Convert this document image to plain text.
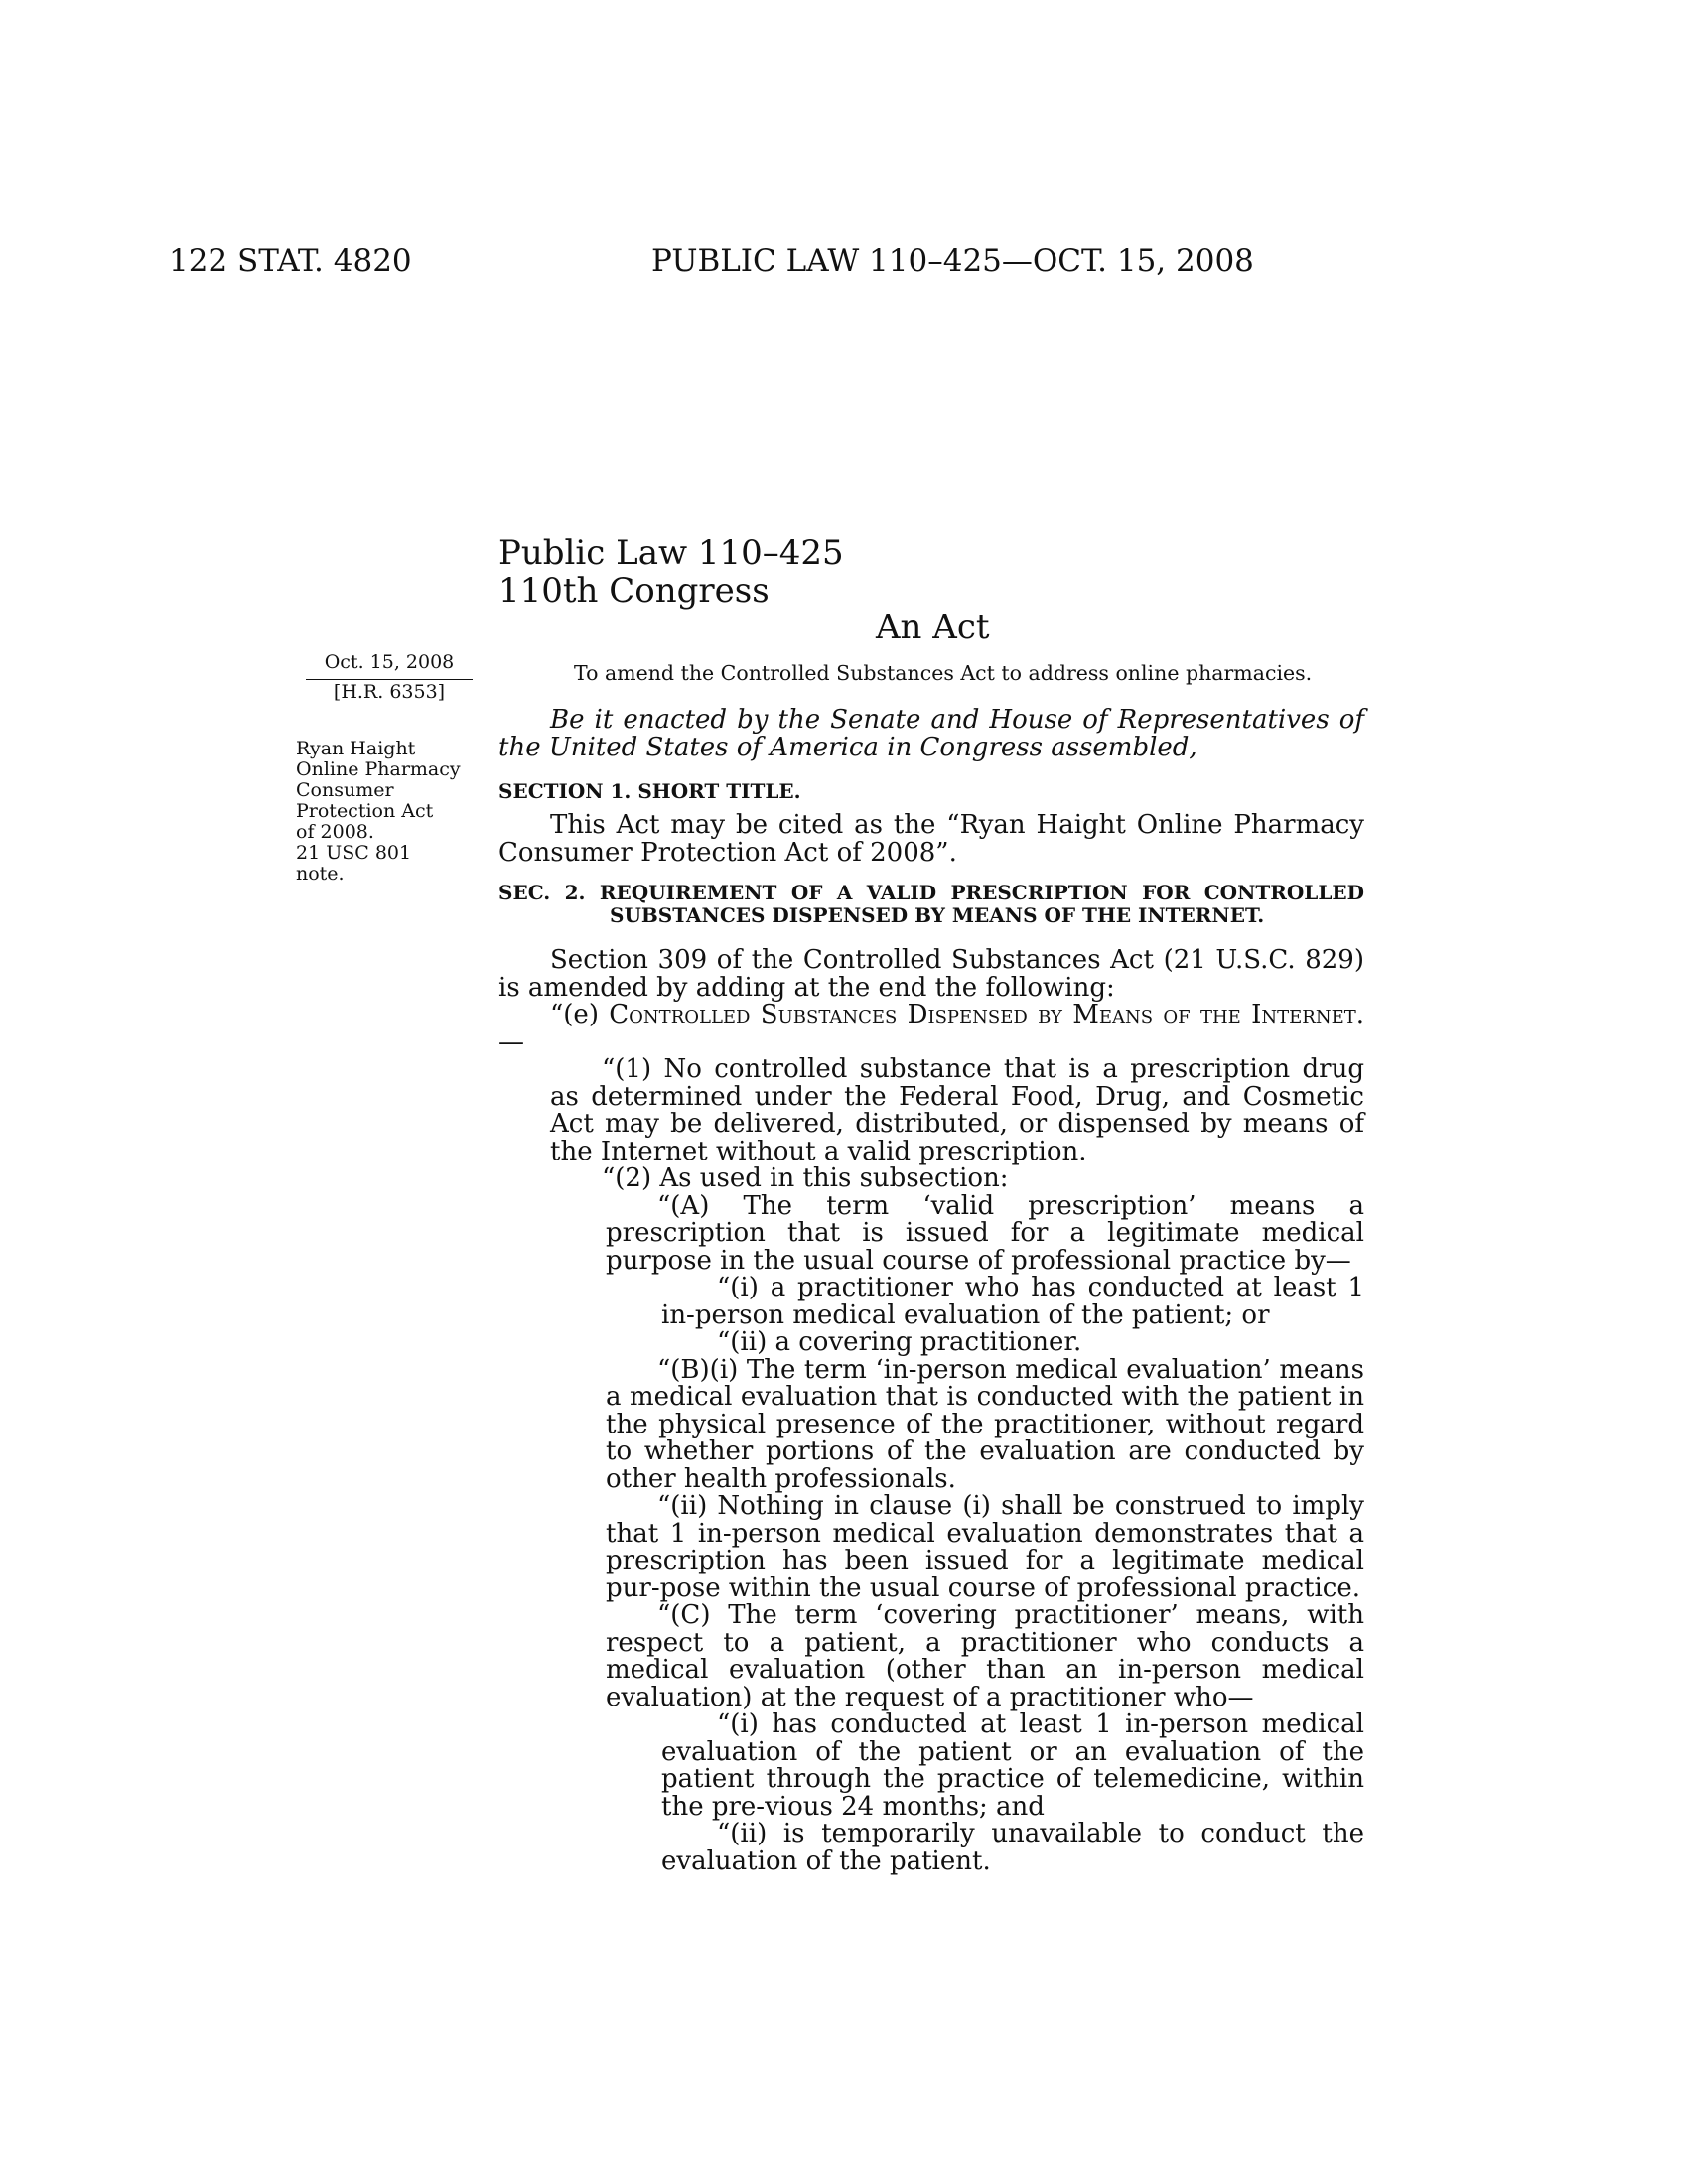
122 STAT. 4820	PUBLIC LAW 110–425—OCT. 15, 2008
Public Law 110–425
110th Congress
An Act
Oct. 15, 2008
[H.R. 6353]
Ryan Haight
Online Pharmacy
Consumer
Protection Act
of 2008.
21 USC 801
note.
To amend the Controlled Substances Act to address online pharmacies.

Be it enacted by the Senate and House of Representatives of the United States of America in Congress assembled,

SECTION 1. SHORT TITLE.

This Act may be cited as the “Ryan Haight Online Pharmacy Consumer Protection Act of 2008”.

SEC. 2. REQUIREMENT OF A VALID PRESCRIPTION FOR CONTROLLED
SUBSTANCES DISPENSED BY MEANS OF THE INTERNET.

Section 309 of the Controlled Substances Act (21 U.S.C. 829) is amended by adding at the end the following:

“(e) Controlled Substances Dispensed by Means of the Internet.—

“(1) No controlled substance that is a prescription drug as determined under the Federal Food, Drug, and Cosmetic Act may be delivered, distributed, or dispensed by means of the Internet without a valid prescription.

“(2) As used in this subsection:

“(A) The term ‘valid prescription’ means a prescription that is issued for a legitimate medical purpose in the usual course of professional practice by—

“(i) a practitioner who has conducted at least 1 in-person medical evaluation of the patient; or

“(ii) a covering practitioner.

“(B)(i) The term ‘in-person medical evaluation’ means a medical evaluation that is conducted with the patient in the physical presence of the practitioner, without regard to whether portions of the evaluation are conducted by other health professionals.

“(ii) Nothing in clause (i) shall be construed to imply that 1 in-person medical evaluation demonstrates that a prescription has been issued for a legitimate medical pur-pose within the usual course of professional practice.

“(C) The term ‘covering practitioner’ means, with respect to a patient, a practitioner who conducts a medical evaluation (other than an in-person medical evaluation) at the request of a practitioner who—

“(i) has conducted at least 1 in-person medical evaluation of the patient or an evaluation of the patient through the practice of telemedicine, within the pre-vious 24 months; and

“(ii) is temporarily unavailable to conduct the evaluation of the patient.
